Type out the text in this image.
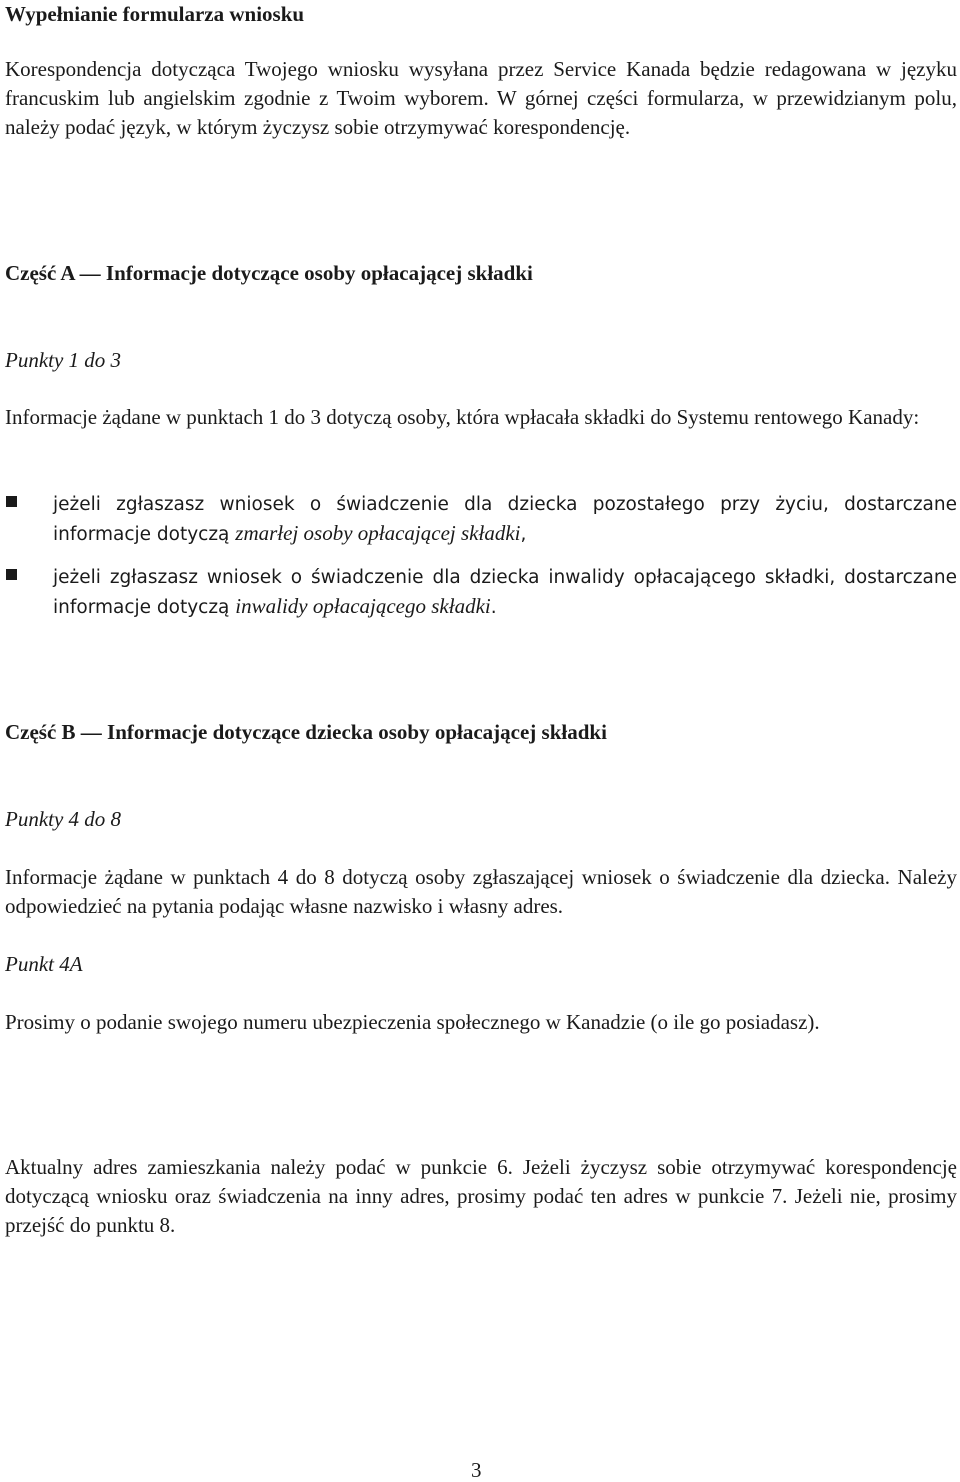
Wypełnianie formularza wniosku

Korespondencja dotycząca Twojego wniosku wysyłana przez Service Kanada będzie redagowana w języku francuskim lub angielskim zgodnie z Twoim wyborem. W górnej części formularza, w przewidzianym polu, należy podać język, w którym życzysz sobie otrzymywać korespondencję.

Część A — Informacje dotyczące osoby opłacającej składki

Punkty 1 do 3

Informacje żądane w punktach 1 do 3 dotyczą osoby, która wpłacała składki do Systemu rentowego Kanady:

jeżeli zgłaszasz wniosek o świadczenie dla dziecka pozostałego przy życiu, dostarczane informacje dotyczą zmarłej osoby opłacającej składki,
jeżeli zgłaszasz wniosek o świadczenie dla dziecka inwalidy opłacającego składki, dostarczane informacje dotyczą inwalidy opłacającego składki.
Część B — Informacje dotyczące dziecka osoby opłacającej składki

Punkty 4 do 8

Informacje żądane w punktach 4 do 8 dotyczą osoby zgłaszającej wniosek o świadczenie dla dziecka. Należy odpowiedzieć na pytania podając własne nazwisko i własny adres.

Punkt 4A

Prosimy o podanie swojego numeru ubezpieczenia społecznego w Kanadzie (o ile go posiadasz).

Aktualny adres zamieszkania należy podać w punkcie 6. Jeżeli życzysz sobie otrzymywać korespondencję dotyczącą wniosku oraz świadczenia na inny adres, prosimy podać ten adres w punkcie 7. Jeżeli nie, prosimy przejść do punktu 8.

3
